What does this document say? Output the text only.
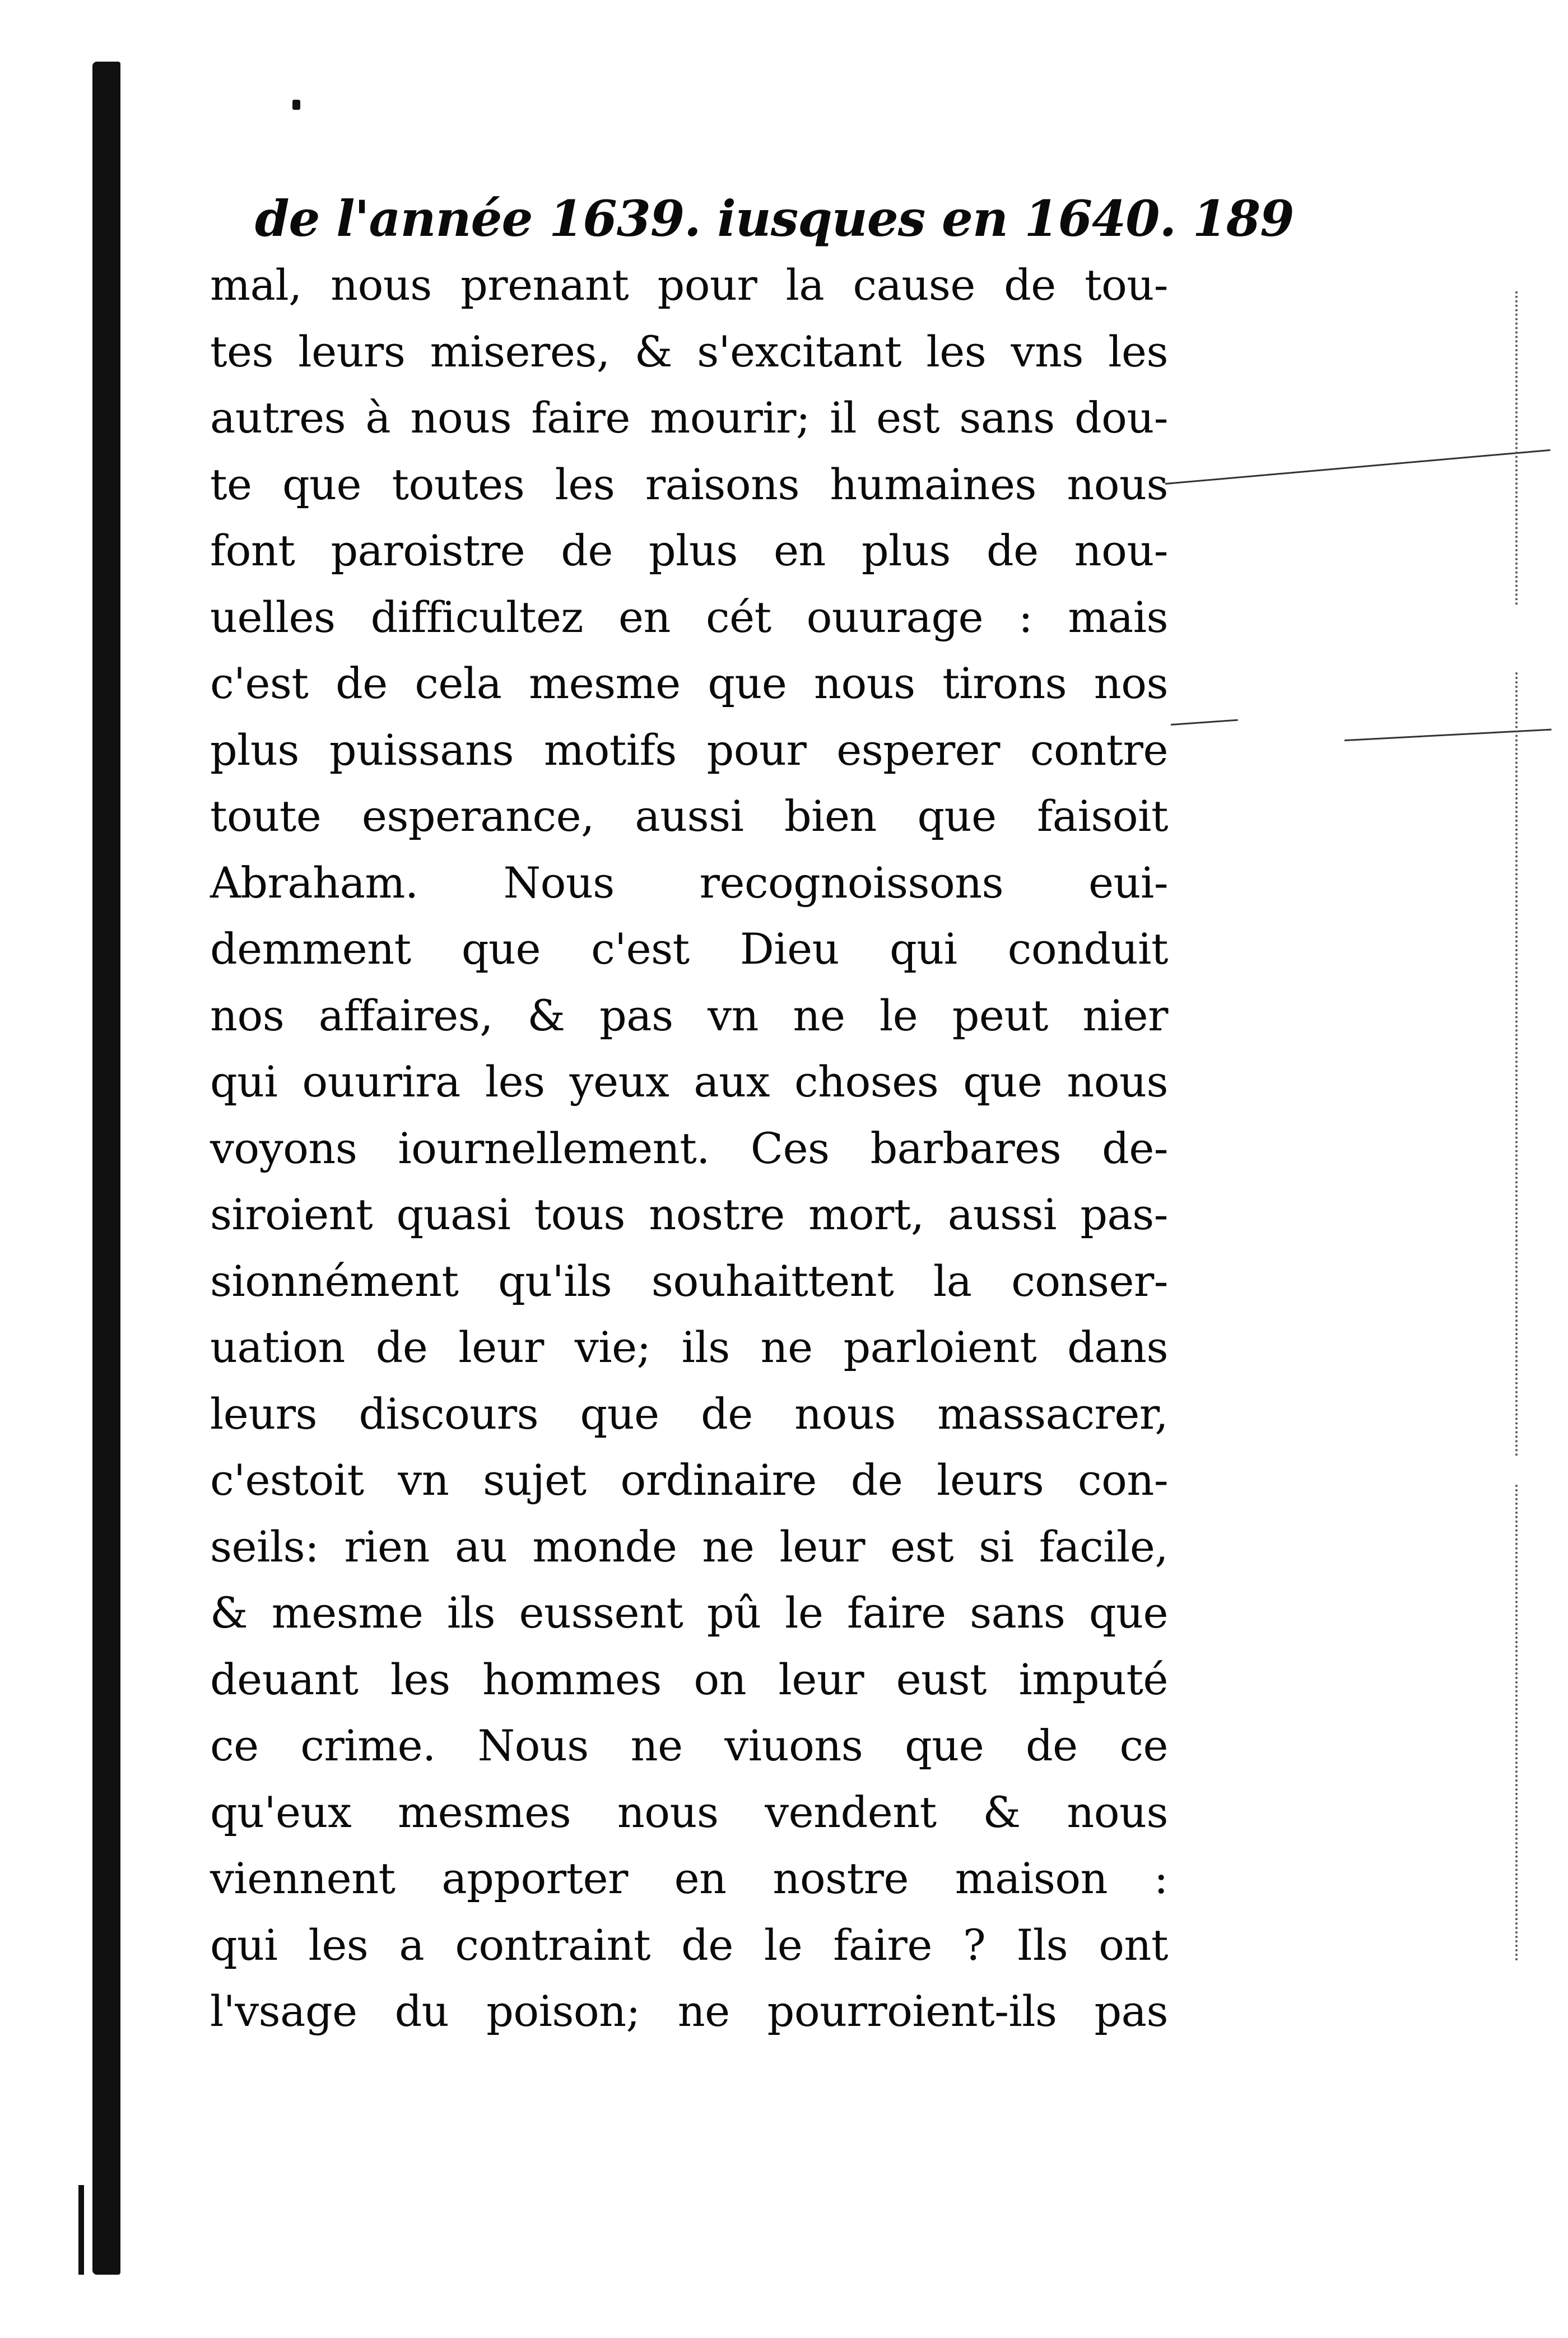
de l'année 1639. iusques en 1640. 189
mal, nous prenant pour la cause de tou-
tes leurs miseres, & s'excitant les vns les
autres à nous faire mourir; il est sans dou-
te que toutes les raisons humaines nous
font paroistre de plus en plus de nou-
uelles difficultez en cét ouurage : mais
c'est de cela mesme que nous tirons nos
plus puissans motifs pour esperer contre
toute esperance, aussi bien que faisoit
Abraham. Nous recognoissons eui-
demment que c'est Dieu qui conduit
nos affaires, & pas vn ne le peut nier
qui ouurira les yeux aux choses que nous
voyons iournellement. Ces barbares de-
siroient quasi tous nostre mort, aussi pas-
sionnément qu'ils souhaittent la conser-
uation de leur vie; ils ne parloient dans
leurs discours que de nous massacrer,
c'estoit vn sujet ordinaire de leurs con-
seils: rien au monde ne leur est si facile,
& mesme ils eussent pû le faire sans que
deuant les hommes on leur eust imputé
ce crime. Nous ne viuons que de ce
qu'eux mesmes nous vendent & nous
viennent apporter en nostre maison :
qui les a contraint de le faire ? Ils ont
l'vsage du poison; ne pourroient-ils pas
